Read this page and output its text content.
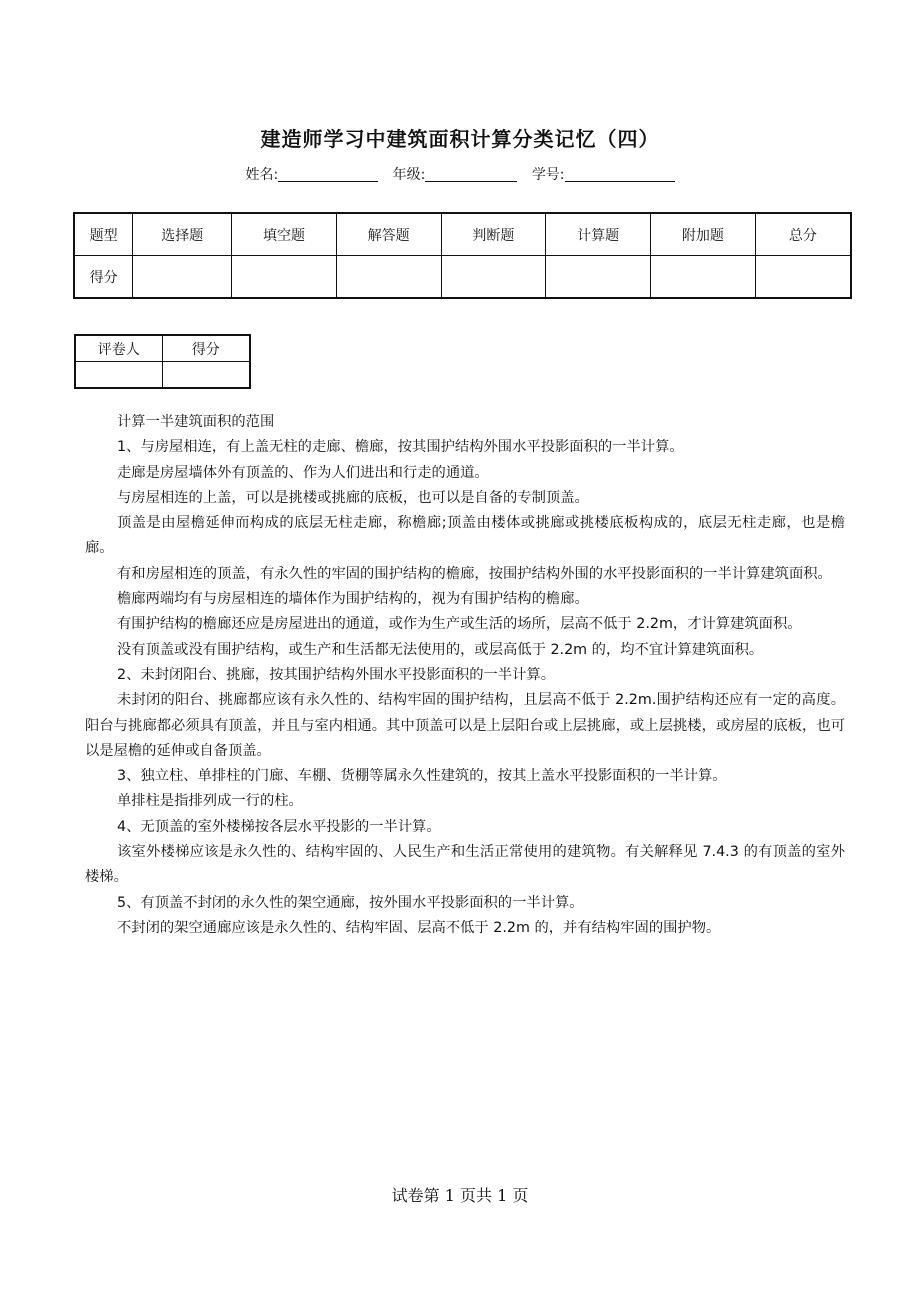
建造师学习中建筑面积计算分类记忆（四）
姓名:	年级:	学号:
题型	选择题	填空题	解答题	判断题	计算题	附加题	总分
得分							
评卷人	得分

计算一半建筑面积的范围

1、与房屋相连，有上盖无柱的走廊、檐廊，按其围护结构外围水平投影面积的一半计算。

走廊是房屋墙体外有顶盖的、作为人们进出和行走的通道。

与房屋相连的上盖，可以是挑楼或挑廊的底板，也可以是自备的专制顶盖。

顶盖是由屋檐延伸而构成的底层无柱走廊，称檐廊;顶盖由楼体或挑廊或挑楼底板构成的，底层无柱走廊，也是檐廊。

有和房屋相连的顶盖，有永久性的牢固的围护结构的檐廊，按围护结构外围的水平投影面积的一半计算建筑面积。

檐廊两端均有与房屋相连的墙体作为围护结构的，视为有围护结构的檐廊。

有围护结构的檐廊还应是房屋进出的通道，或作为生产或生活的场所，层高不低于 2.2m，才计算建筑面积。

没有顶盖或没有围护结构，或生产和生活都无法使用的，或层高低于 2.2m 的，均不宜计算建筑面积。

2、未封闭阳台、挑廊，按其围护结构外围水平投影面积的一半计算。

未封闭的阳台、挑廊都应该有永久性的、结构牢固的围护结构，且层高不低于 2.2m.围护结构还应有一定的高度。阳台与挑廊都必须具有顶盖，并且与室内相通。其中顶盖可以是上层阳台或上层挑廊，或上层挑楼，或房屋的底板，也可以是屋檐的延伸或自备顶盖。

3、独立柱、单排柱的门廊、车棚、货棚等属永久性建筑的，按其上盖水平投影面积的一半计算。

单排柱是指排列成一行的柱。

4、无顶盖的室外楼梯按各层水平投影的一半计算。

该室外楼梯应该是永久性的、结构牢固的、人民生产和生活正常使用的建筑物。有关解释见 7.4.3 的有顶盖的室外楼梯。

5、有顶盖不封闭的永久性的架空通廊，按外围水平投影面积的一半计算。

不封闭的架空通廊应该是永久性的、结构牢固、层高不低于 2.2m 的，并有结构牢固的围护物。

试卷第 1 页共 1 页
